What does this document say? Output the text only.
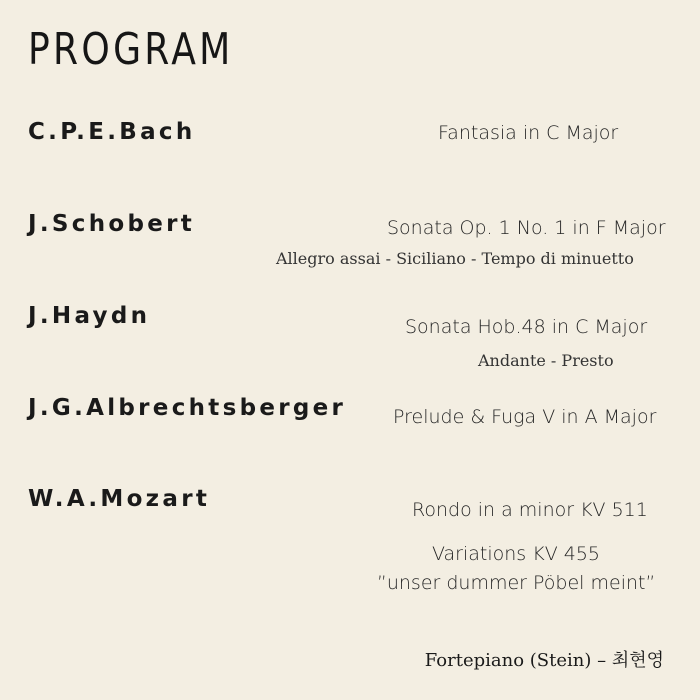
PROGRAM
C.P.E.Bach	Fantasia in C Major
J.Schobert	Sonata Op. 1 No. 1 in F Major
Allegro assai - Siciliano - Tempo di minuetto
J.Haydn	Sonata Hob.48 in C Major
Andante - Presto
J.G.Albrechtsberger Prelude & Fuga V in A Major
W.A.Mozart	Rondo in a minor KV 511
Variations KV 455
”unser dummer Pöbel meint”
Fortepiano (Stein) – 최현영
